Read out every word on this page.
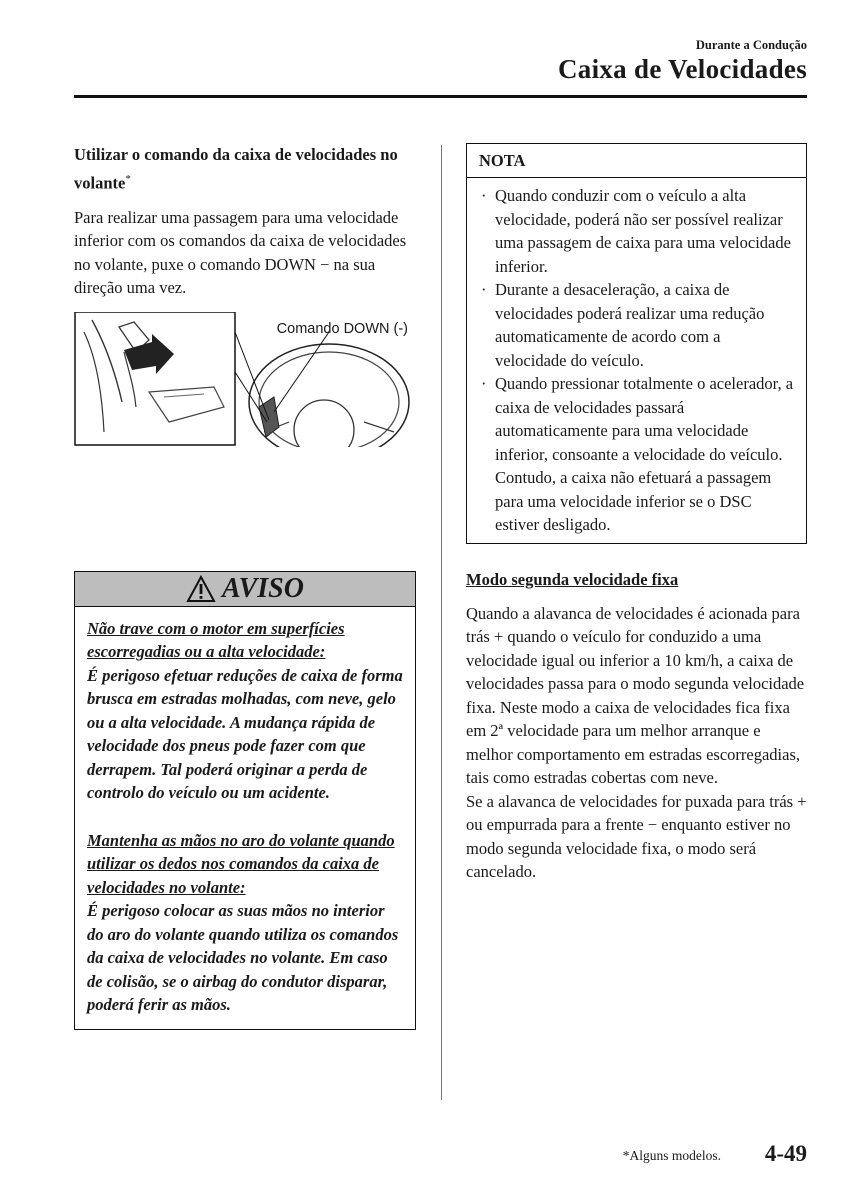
Durante a Condução
Caixa de Velocidades

Utilizar o comando da caixa de velocidades no volante*

Para realizar uma passagem para uma velocidade inferior com os comandos da caixa de velocidades no volante, puxe o comando DOWN − na sua direção uma vez.

Comando DOWN (-)
AVISO

Não trave com o motor em superfícies escorregadias ou a alta velocidade:
É perigoso efetuar reduções de caixa de forma brusca em estradas molhadas, com neve, gelo ou a alta velocidade. A mudança rápida de velocidade dos pneus pode fazer com que derrapem. Tal poderá originar a perda de controlo do veículo ou um acidente.

Mantenha as mãos no aro do volante quando utilizar os dedos nos comandos da caixa de velocidades no volante:
É perigoso colocar as suas mãos no interior do aro do volante quando utiliza os comandos da caixa de velocidades no volante. Em caso de colisão, se o airbag do condutor disparar, poderá ferir as mãos.

NOTA
· Quando conduzir com o veículo a alta velocidade, poderá não ser possível realizar uma passagem de caixa para uma velocidade inferior.
· Durante a desaceleração, a caixa de velocidades poderá realizar uma redução automaticamente de acordo com a velocidade do veículo.
· Quando pressionar totalmente o acelerador, a caixa de velocidades passará automaticamente para uma velocidade inferior, consoante a velocidade do veículo. Contudo, a caixa não efetuará a passagem para uma velocidade inferior se o DSC estiver desligado.

Modo segunda velocidade fixa

Quando a alavanca de velocidades é acionada para trás + quando o veículo for conduzido a uma velocidade igual ou inferior a 10 km/h, a caixa de velocidades passa para o modo segunda velocidade fixa. Neste modo a caixa de velocidades fica fixa em 2ª velocidade para um melhor arranque e melhor comportamento em estradas escorregadias, tais como estradas cobertas com neve.

Se a alavanca de velocidades for puxada para trás + ou empurrada para a frente − enquanto estiver no modo segunda velocidade fixa, o modo será cancelado.

*Alguns modelos. 4-49
